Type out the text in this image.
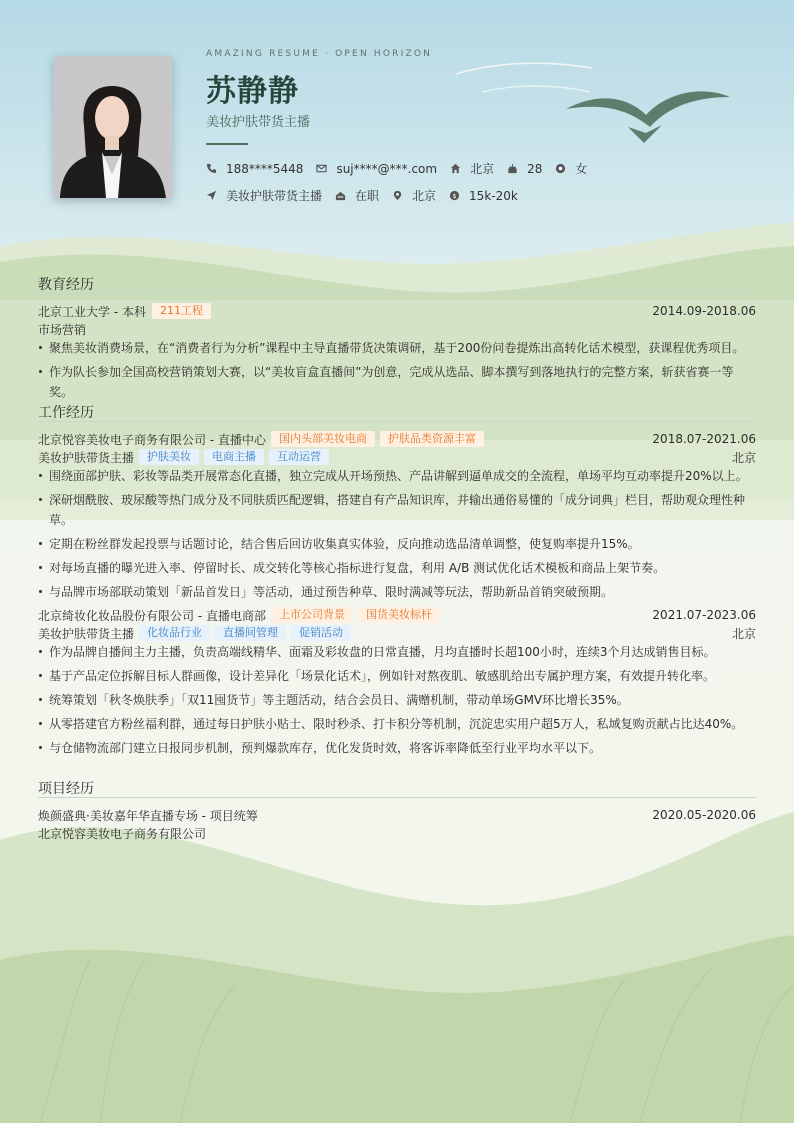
AMAZING RESUME · OPEN HORIZON
苏静静
美妆护肤带货主播
188****5448	suj****@***.com	北京	28	女
美妆护肤带货主播	在职	北京 $ 15k-20k
教育经历
北京工业大学 - 本科	211工程	2014.09-2018.06
市场营销
聚焦美妆消费场景，在“消费者行为分析”课程中主导直播带货决策调研，基于200份问卷提炼出高转化话术模型，获课程优秀项目。
作为队长参加全国高校营销策划大赛，以“美妆盲盒直播间”为创意，完成从选品、脚本撰写到落地执行的完整方案，斩获省赛一等奖。
工作经历
北京悦容美妆电子商务有限公司 - 直播中心	国内头部美妆电商	护肤品类资源丰富	2018.07-2021.06
美妆护肤带货主播	护肤美妆	电商主播	互动运营	北京
围绕面部护肤、彩妆等品类开展常态化直播，独立完成从开场预热、产品讲解到逼单成交的全流程，单场平均互动率提升20%以上。
深研烟酰胺、玻尿酸等热门成分及不同肤质匹配逻辑，搭建自有产品知识库，并输出通俗易懂的「成分词典」栏目，帮助观众理性种草。
定期在粉丝群发起投票与话题讨论，结合售后回访收集真实体验，反向推动选品清单调整，使复购率提升15%。
对每场直播的曝光进入率、停留时长、成交转化等核心指标进行复盘，利用 A/B 测试优化话术模板和商品上架节奏。
与品牌市场部联动策划「新品首发日」等活动，通过预告种草、限时满减等玩法，帮助新品首销突破预期。
北京绮妆化妆品股份有限公司 - 直播电商部	上市公司背景	国货美妆标杆	2021.07-2023.06
美妆护肤带货主播	化妆品行业	直播间管理	促销活动	北京
作为品牌自播间主力主播，负责高端线精华、面霜及彩妆盘的日常直播，月均直播时长超100小时，连续3个月达成销售目标。
基于产品定位拆解目标人群画像，设计差异化「场景化话术」，例如针对熬夜肌、敏感肌给出专属护理方案，有效提升转化率。
统筹策划「秋冬焕肤季」「双11囤货节」等主题活动，结合会员日、满赠机制，带动单场GMV环比增长35%。
从零搭建官方粉丝福利群，通过每日护肤小贴士、限时秒杀、打卡积分等机制，沉淀忠实用户超5万人，私域复购贡献占比达40%。
与仓储物流部门建立日报同步机制，预判爆款库存，优化发货时效，将客诉率降低至行业平均水平以下。
项目经历
焕颜盛典·美妆嘉年华直播专场 - 项目统筹	2020.05-2020.06
北京悦容美妆电子商务有限公司
